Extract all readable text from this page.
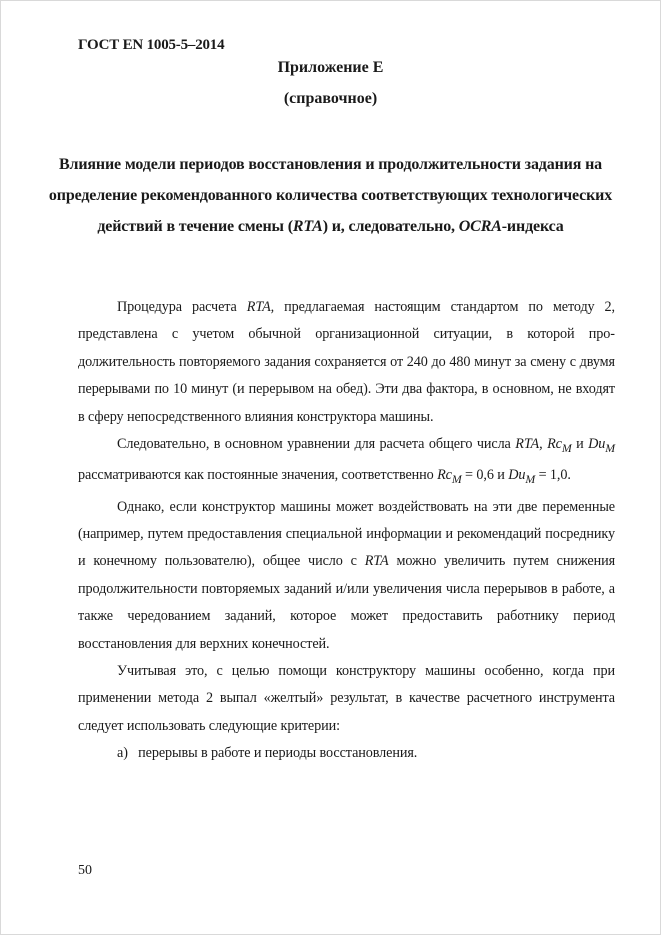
ГОСТ EN 1005-5–2014
Приложение Е
(справочное)
Влияние модели периодов восстановления и продолжительности задания на определение рекомендованного количества соответствующих технологических действий в течение смены (RTA) и, следовательно, OCRA-индекса

Процедура расчета RTA, предлагаемая настоящим стандартом по методу 2, представлена с учетом обычной организационной ситуации, в которой продолжительность повторяемого задания сохраняется от 240 до 480 минут за смену с двумя перерывами по 10 минут (и перерывом на обед). Эти два фактора, в основном, не входят в сферу непосредственного влияния конструктора машины.

Следовательно, в основном уравнении для расчета общего числа RTA, $Rc_M$ и $Du_M$ рассматриваются как постоянные значения, соответственно $Rc_M = 0,6$ и $Du_M = 1,0$.

Однако, если конструктор машины может воздействовать на эти две переменные (например, путем предоставления специальной информации и рекомендаций посреднику и конечному пользователю), общее число с RTA можно увеличить путем снижения продолжительности повторяемых заданий и/или увеличения числа перерывов в работе, а также чередованием заданий, которое может предоставить работнику период восстановления для верхних конечностей.

Учитывая это, с целью помощи конструктору машины особенно, когда при применении метода 2 выпал «желтый» результат, в качестве расчетного инструмента следует использовать следующие критерии:

а) перерывы в работе и периоды восстановления.

50
